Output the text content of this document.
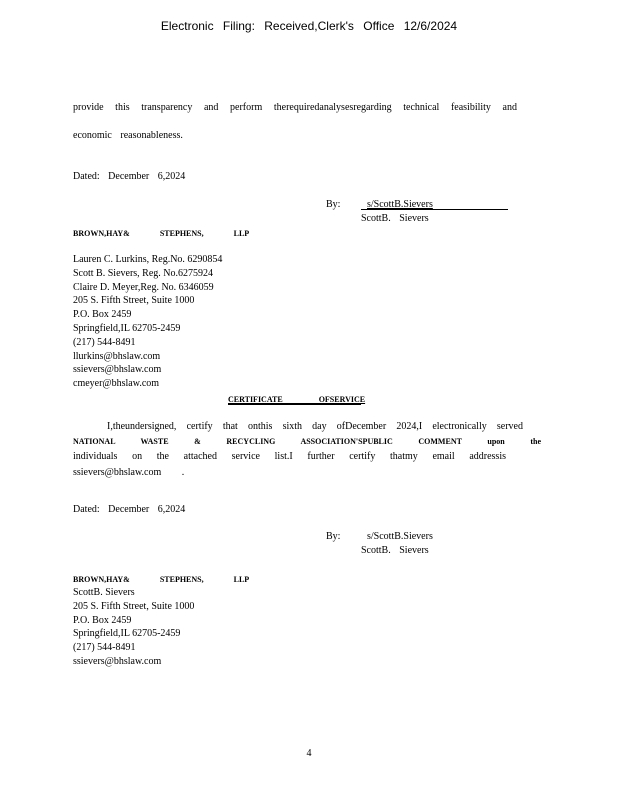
Electronic Filing: Received,Clerk's Office 12/6/2024
provide this transparency and perform therequiredanalysesregarding technical feasibility and
economic reasonableness.
Dated: December 6,2024
By:	s/ScottB.Sievers
ScottB. Sievers
BROWN,HAY& STEPHENS, LLP
Lauren C. Lurkins, Reg.No. 6290854
Scott B. Sievers, Reg. No.6275924
Claire D. Meyer,Reg. No. 6346059
205 S. Fifth Street, Suite 1000
P.O. Box 2459
Springfield,IL 62705-2459
(217) 544-8491
llurkins@bhslaw.com
ssievers@bhslaw.com
cmeyer@bhslaw.com
CERTIFICATE OFSERVICE
I,theundersigned, certify that onthis sixth day ofDecember 2024,I electronically served
NATIONAL WASTE & RECYCLING ASSOCIATION'SPUBLIC COMMENT upon the
individuals on the attached service list.I further certify thatmy email addressis
ssievers@bhslaw.com .
Dated: December 6,2024
By:	s/ScottB.Sievers
ScottB. Sievers
BROWN,HAY& STEPHENS, LLP
ScottB. Sievers
205 S. Fifth Street, Suite 1000
P.O. Box 2459
Springfield,IL 62705-2459
(217) 544-8491
ssievers@bhslaw.com
4
